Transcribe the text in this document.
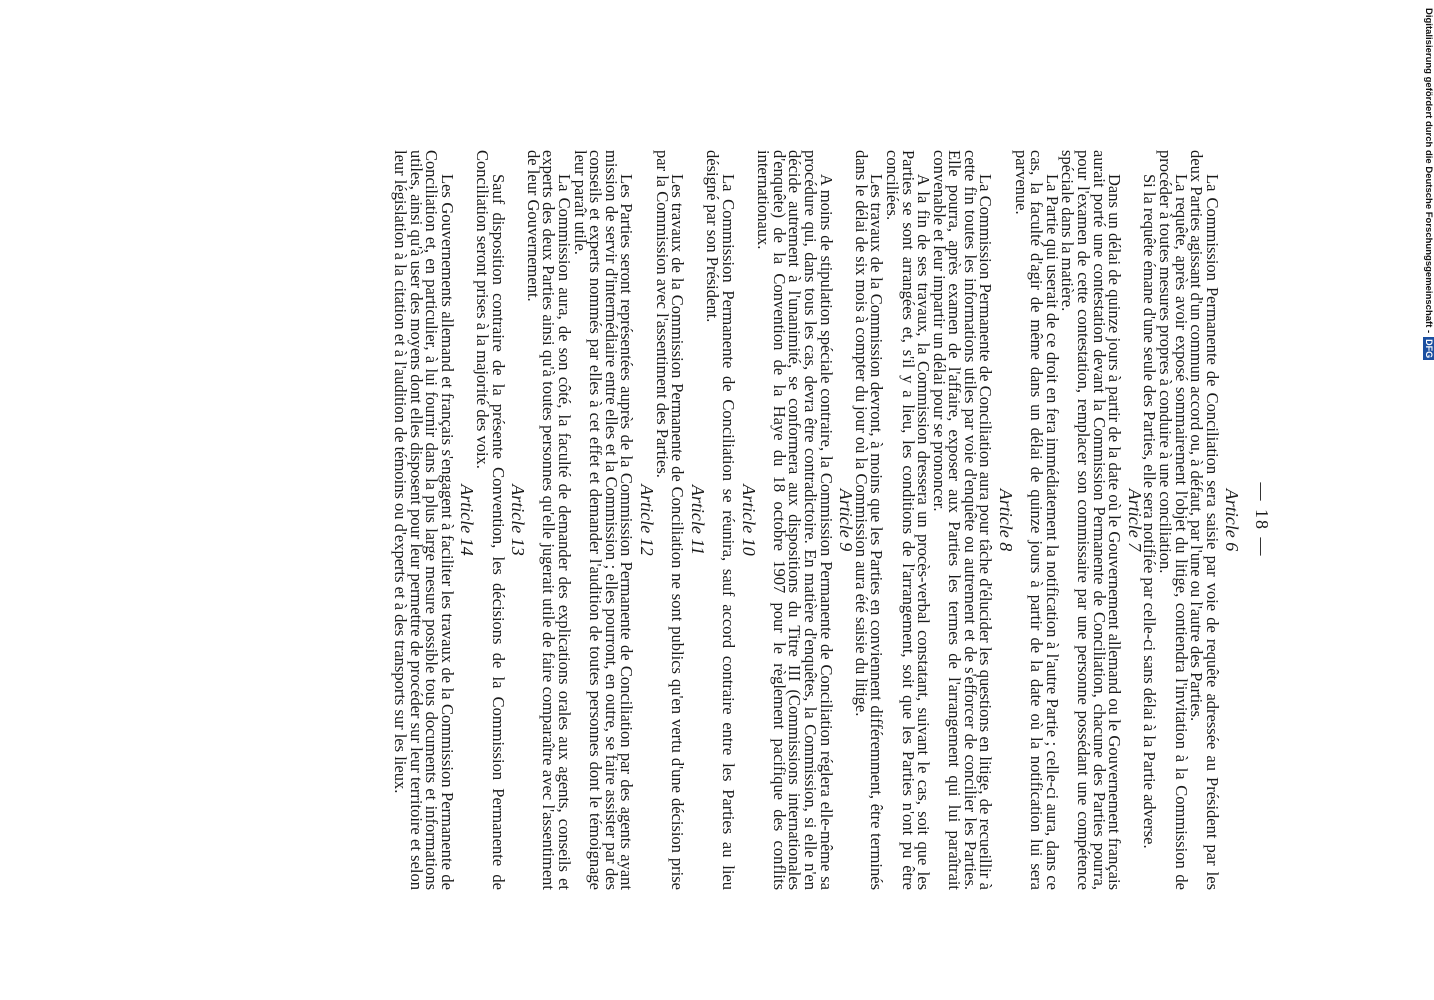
— 18 —
Article 6

La Commission Permanente de Conciliation sera saisie par voie de requête adressée au Président par les deux Parties agissant d'un commun accord ou, à défaut, par l'une ou l'autre des Parties.

La requête, après avoir exposé sommairement l'objet du litige, contiendra l'invitation à la Commission de procéder à toutes mesures propres à conduire à une conciliation.

Si la requête émane d'une seule des Parties, elle sera notifiée par celle-ci sans délai à la Partie adverse.

Article 7

Dans un délai de quinze jours à partir de la date où le Gouvernement allemand ou le Gouvernement français aurait porté une contestation devant la Commission Permanente de Conciliation, chacune des Parties pourra, pour l'examen de cette contestation, remplacer son commissaire par une personne possédant une compétence spéciale dans la matière.

La Partie qui userait de ce droit en fera immédiatement la notification à l'autre Partie ; celle-ci aura, dans ce cas, la faculté d'agir de même dans un délai de quinze jours à partir de la date où la notification lui sera parvenue.

Article 8

La Commission Permanente de Conciliation aura pour tâche d'élucider les questions en litige, de recueillir à cette fin toutes les informations utiles par voie d'enquête ou autrement et de s'efforcer de concilier les Parties. Elle pourra, après examen de l'affaire, exposer aux Parties les termes de l'arrangement qui lui paraîtrait convenable et leur impartir un délai pour se prononcer.

A la fin de ses travaux, la Commission dressera un procès-verbal constatant, suivant le cas, soit que les Parties se sont arrangées et, s'il y a lieu, les conditions de l'arrangement, soit que les Parties n'ont pu être conciliées.

Les travaux de la Commission devront, à moins que les Parties en conviennent différemment, être terminés dans le délai de six mois à compter du jour où la Commission aura été saisie du litige.

Article 9

A moins de stipulation spéciale contraire, la Commission Permanente de Conciliation réglera elle-même sa procédure qui, dans tous les cas, devra être contradictoire. En matière d'enquêtes, la Commission, si elle n'en décide autrement à l'unanimité, se conformera aux dispositions du Titre III (Commissions internationales d'enquête) de la Convention de la Haye du 18 octobre 1907 pour le règlement pacifique des conflits internationaux.

Article 10

La Commission Permanente de Conciliation se réunira, sauf accord contraire entre les Parties au lieu désigné par son Président.

Article 11

Les travaux de la Commission Permanente de Conciliation ne sont publics qu'en vertu d'une décision prise par la Commission avec l'assentiment des Parties.

Article 12

Les Parties seront représentées auprès de la Commission Permanente de Conciliation par des agents ayant mission de servir d'intermédiaire entre elles et la Commission ; elles pourront, en outre, se faire assister par des conseils et experts nommés par elles à cet effet et demander l'audition de toutes personnes dont le témoignage leur paraît utile.

La Commission aura, de son côté, la faculté de demander des explications orales aux agents, conseils et experts des deux Parties ainsi qu'à toutes personnes qu'elle jugerait utile de faire comparaître avec l'assentiment de leur Gouvernement.

Article 13

Sauf disposition contraire de la présente Convention, les décisions de la Commission Permanente de Conciliation seront prises à la majorité des voix.

Article 14

Les Gouvernements allemand et français s'engagent à faciliter les travaux de la Commission Permanente de Conciliation et, en particulier, à lui fournir dans la plus large mesure possible tous documents et informations utiles, ainsi qu'à user des moyens dont elles disposent pour leur permettre de procéder sur leur territoire et selon leur législation à la citation et à l'audition de témoins ou d'experts et à des transports sur les lieux.	Digitalisierung gefördert durch die Deutsche Forschungsgemeinschaft -
DFG
